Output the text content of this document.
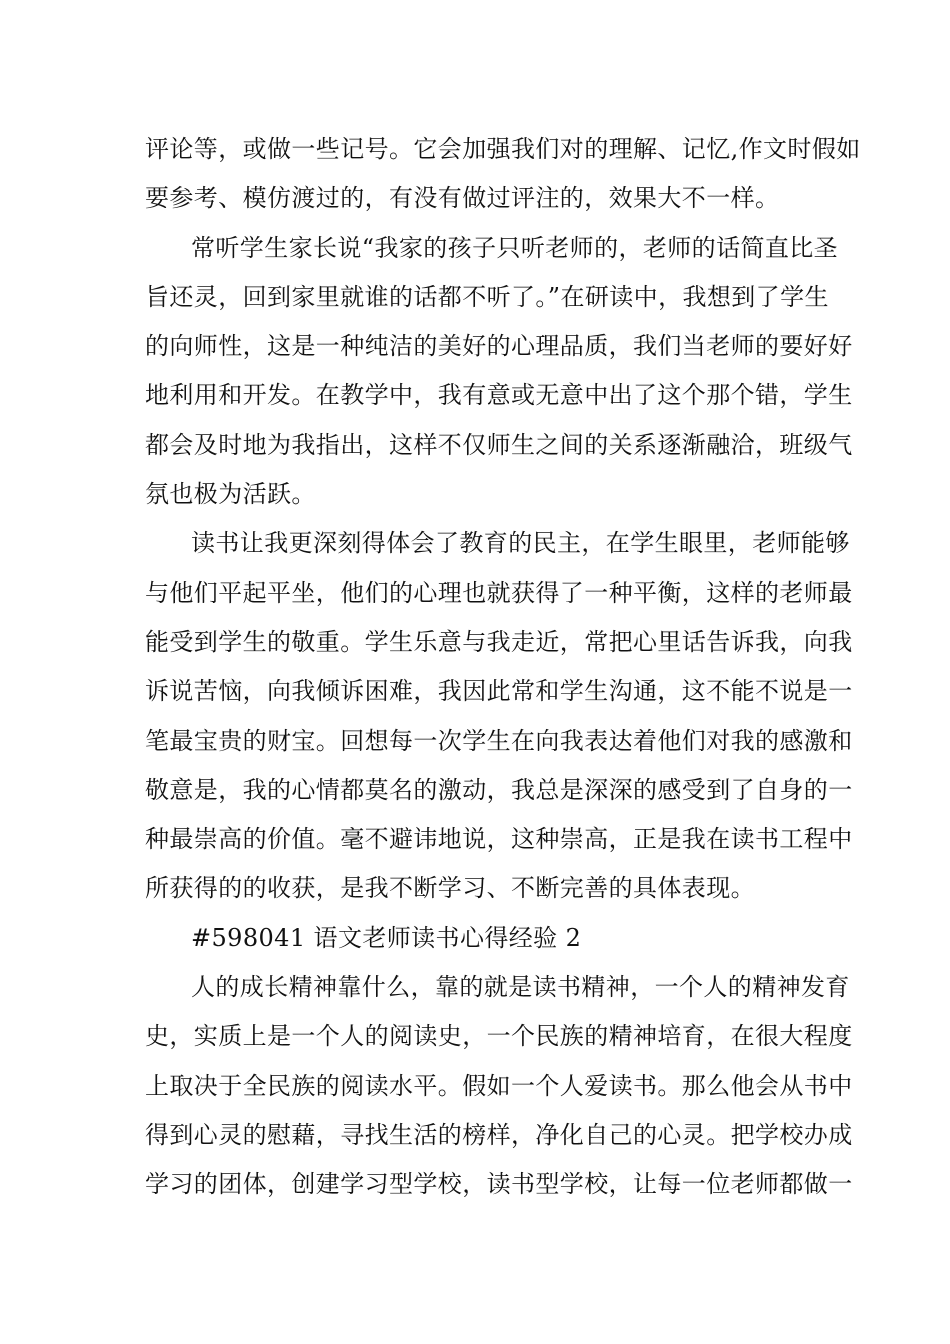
评论等，或做一些记号。它会加强我们对的理解、记忆,作文时假如
要参考、模仿渡过的，有没有做过评注的，效果大不一样。
常听学生家长说“我家的孩子只听老师的，老师的话简直比圣
旨还灵，回到家里就谁的话都不听了。”在研读中，我想到了学生
的向师性，这是一种纯洁的美好的心理品质，我们当老师的要好好
地利用和开发。在教学中，我有意或无意中出了这个那个错，学生
都会及时地为我指出，这样不仅师生之间的关系逐渐融洽，班级气
氛也极为活跃。
读书让我更深刻得体会了教育的民主，在学生眼里，老师能够
与他们平起平坐，他们的心理也就获得了一种平衡，这样的老师最
能受到学生的敬重。学生乐意与我走近，常把心里话告诉我，向我
诉说苦恼，向我倾诉困难，我因此常和学生沟通，这不能不说是一
笔最宝贵的财宝。回想每一次学生在向我表达着他们对我的感激和
敬意是，我的心情都莫名的激动，我总是深深的感受到了自身的一
种最崇高的价值。毫不避讳地说，这种崇高，正是我在读书工程中
所获得的的收获，是我不断学习、不断完善的具体表现。
#598041 语文老师读书心得经验 2
人的成长精神靠什么，靠的就是读书精神，一个人的精神发育
史，实质上是一个人的阅读史，一个民族的精神培育，在很大程度
上取决于全民族的阅读水平。假如一个人爱读书。那么他会从书中
得到心灵的慰藉，寻找生活的榜样，净化自己的心灵。把学校办成
学习的团体，创建学习型学校，读书型学校，让每一位老师都做一
